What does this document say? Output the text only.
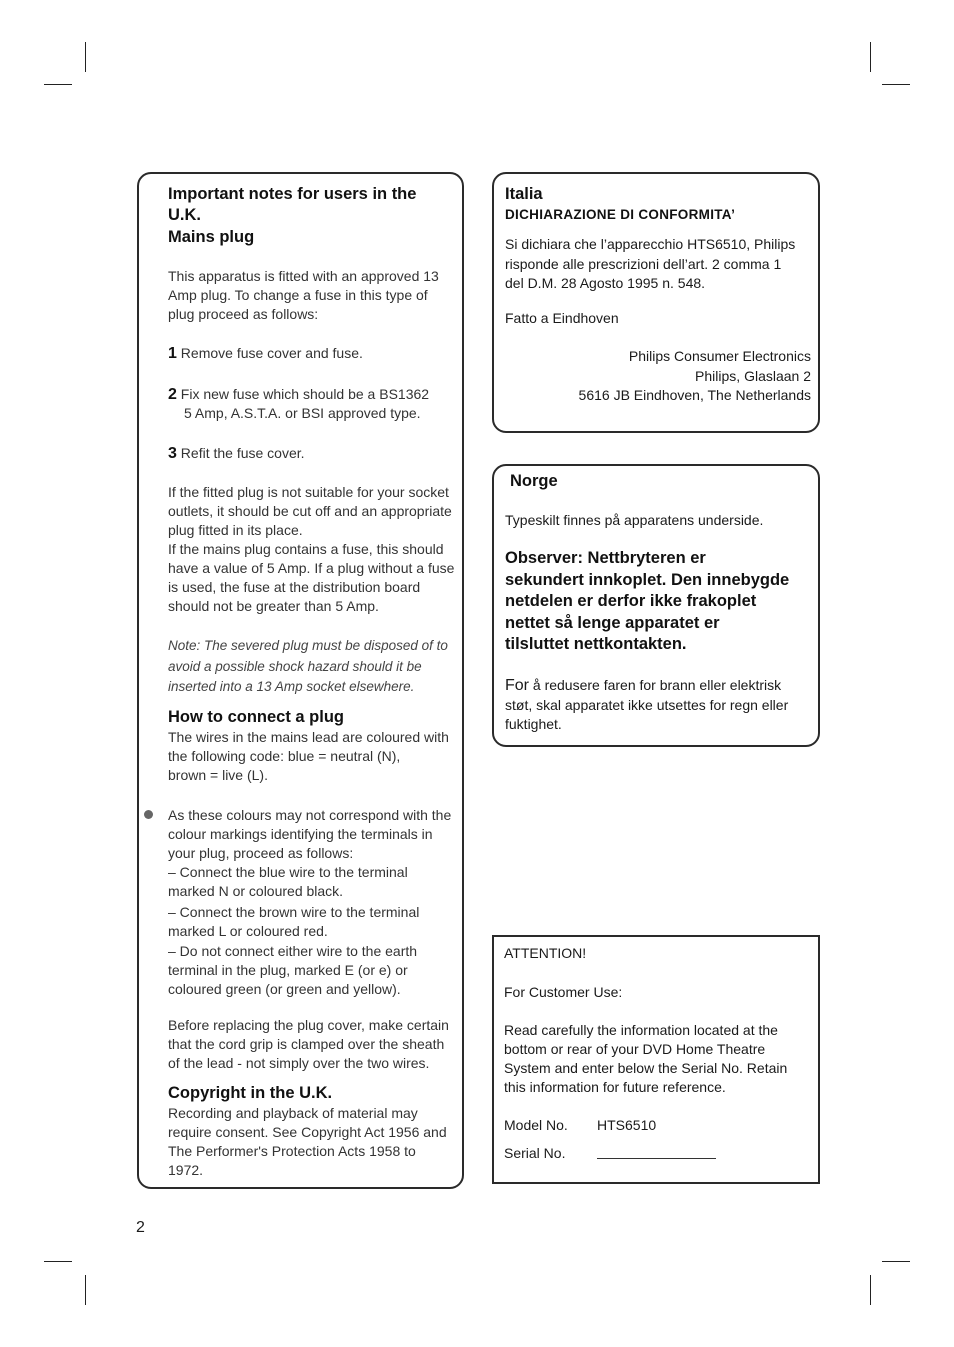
Important notes for users in the

U.K.

Mains plug

This apparatus is fitted with an approved 13

Amp plug. To change a fuse in this type of

plug proceed as follows:

1 Remove fuse cover and fuse.

2 Fix new fuse which should be a BS1362

5 Amp, A.S.T.A. or BSI approved type.

3 Refit the fuse cover.

If the fitted plug is not suitable for your socket

outlets, it should be cut off and an appropriate

plug fitted in its place.

If the mains plug contains a fuse, this should

have a value of 5 Amp. If a plug without a fuse

is used, the fuse at the distribution board

should not be greater than 5 Amp.

Note: The severed plug must be disposed of to

avoid a possible shock hazard should it be

inserted into a 13 Amp socket elsewhere.

How to connect a plug

The wires in the mains lead are coloured with

the following code: blue = neutral (N),

brown = live (L).

As these colours may not correspond with the

colour markings identifying the terminals in

your plug, proceed as follows:

– Connect the blue wire to the terminal

marked N or coloured black.

– Connect the brown wire to the terminal

marked L or coloured red.

– Do not connect either wire to the earth

terminal in the plug, marked E (or e) or

coloured green (or green and yellow).

Before replacing the plug cover, make certain

that the cord grip is clamped over the sheath

of the lead - not simply over the two wires.

Copyright in the U.K.

Recording and playback of material may

require consent. See Copyright Act 1956 and

The Performer's Protection Acts 1958 to

1972.

Italia

DICHIARAZIONE DI CONFORMITA’

Si dichiara che l’apparecchio HTS6510, Philips

risponde alle prescrizioni dell’art. 2 comma 1

del D.M. 28 Agosto 1995 n. 548.

Fatto a Eindhoven

Philips Consumer Electronics

Philips, Glaslaan 2

5616 JB Eindhoven, The Netherlands

Norge

Typeskilt finnes på apparatens underside.

Observer: Nettbryteren er

sekundert innkoplet. Den innebygde

netdelen er derfor ikke frakoplet

nettet så lenge apparatet er

tilsluttet nettkontakten.

For å redusere faren for brann eller elektrisk

støt, skal apparatet ikke utsettes for regn eller

fuktighet.

ATTENTION!

For Customer Use:

Read carefully the information located at the

bottom or rear of your DVD Home Theatre

System and enter below the Serial No. Retain

this information for future reference.

Model No. HTS6510

Serial No.

2
